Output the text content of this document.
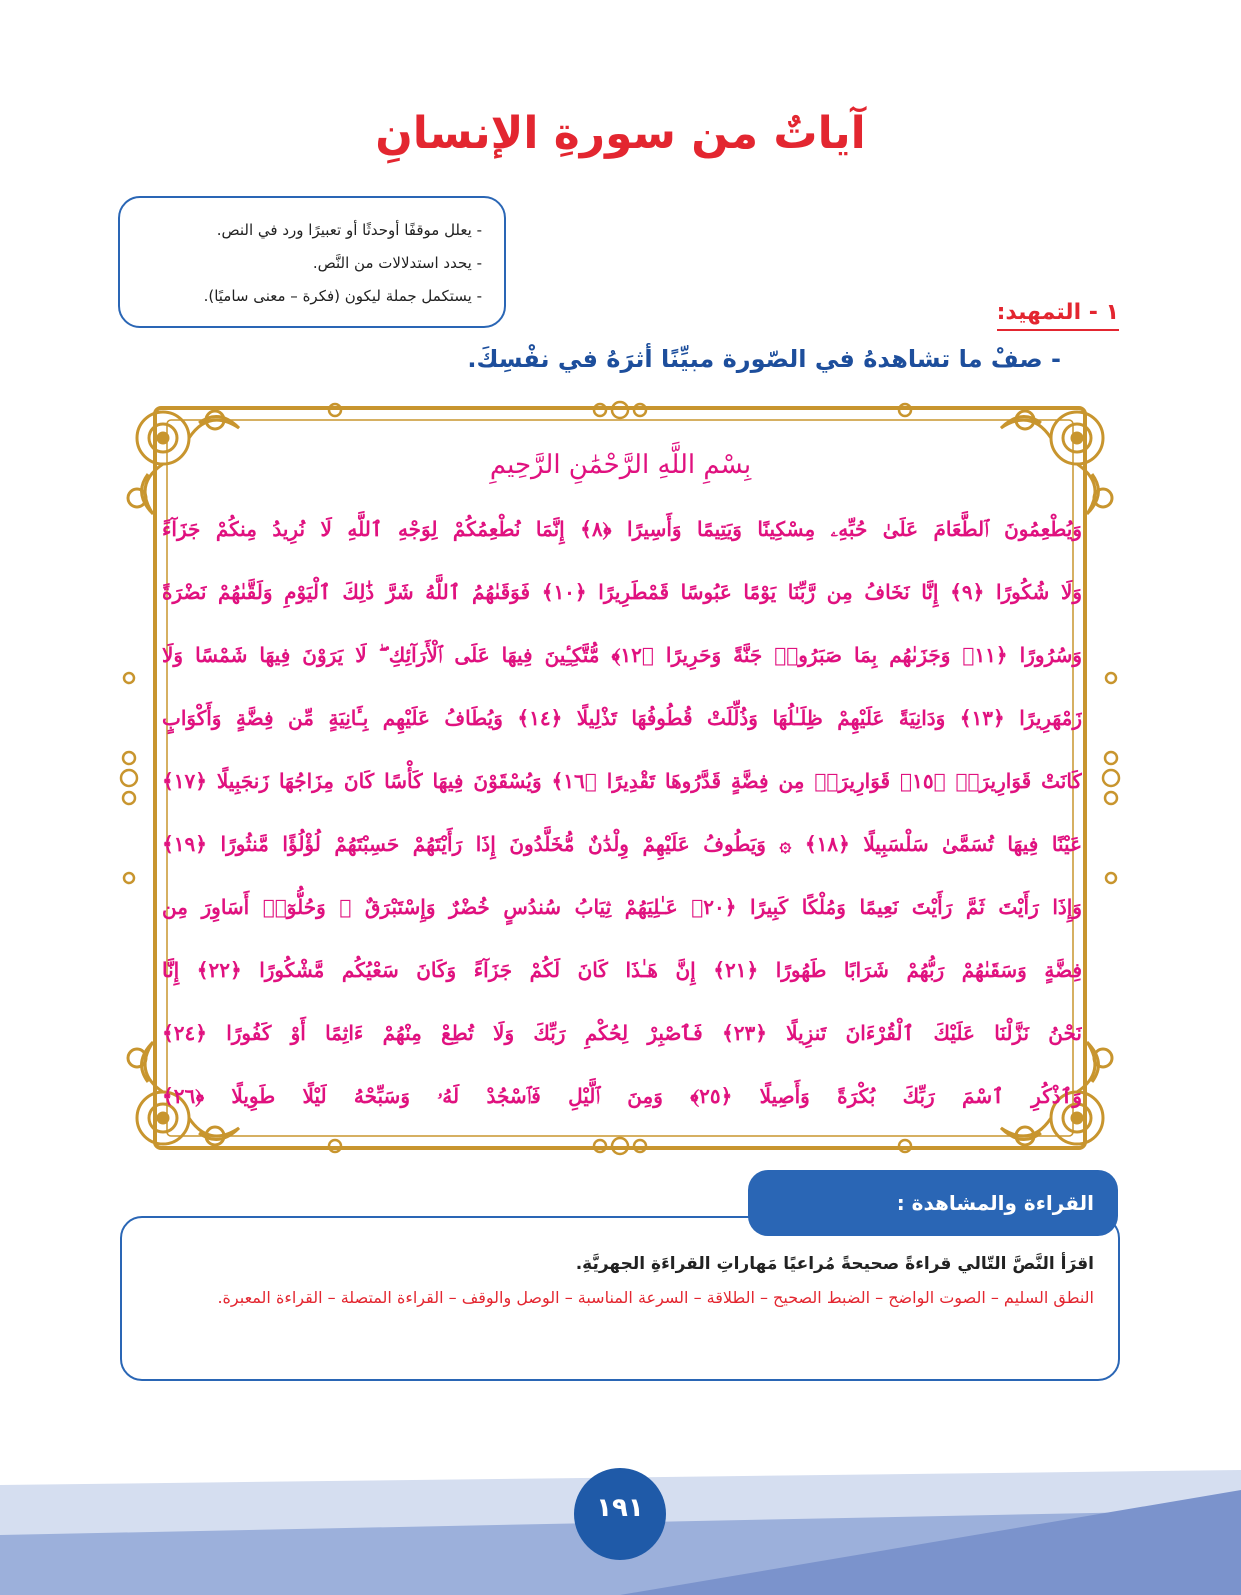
آياتٌ من سورةِ الإنسانِ

- يعلل موقفًا أوحدثًا أو تعبيرًا ورد في النص.

- يحدد استدلالات من النَّص.

- يستكمل جملة ليكون (فكرة – معنى ساميًا).

١ - التمهيد:
- صفْ ما تشاهدهُ في الصّورة مبيِّنًا أثرَهُ في نفْسِكَ.
بِسْمِ اللَّهِ الرَّحْمَٰنِ الرَّحِيمِ
وَيُطْعِمُونَ ٱلطَّعَامَ عَلَىٰ حُبِّهِۦ مِسْكِينًا وَيَتِيمًا وَأَسِيرًا ﴿٨﴾ إِنَّمَا نُطْعِمُكُمْ لِوَجْهِ ٱللَّهِ لَا نُرِيدُ مِنكُمْ جَزَآءً
وَلَا شُكُورًا ﴿٩﴾ إِنَّا نَخَافُ مِن رَّبِّنَا يَوْمًا عَبُوسًا قَمْطَرِيرًا ﴿١٠﴾ فَوَقَىٰهُمُ ٱللَّهُ شَرَّ ذَٰلِكَ ٱلْيَوْمِ وَلَقَّىٰهُمْ نَضْرَةً
وَسُرُورًا ﴿١١﴾ وَجَزَىٰهُم بِمَا صَبَرُوا۟ جَنَّةً وَحَرِيرًا ﴿١٢﴾ مُّتَّكِـِٔينَ فِيهَا عَلَى ٱلْأَرَآئِكِ ۖ لَا يَرَوْنَ فِيهَا شَمْسًا وَلَا
زَمْهَرِيرًا ﴿١٣﴾ وَدَانِيَةً عَلَيْهِمْ ظِلَـٰلُهَا وَذُلِّلَتْ قُطُوفُهَا تَذْلِيلًا ﴿١٤﴾ وَيُطَافُ عَلَيْهِم بِـَٔانِيَةٍ مِّن فِضَّةٍ وَأَكْوَابٍ
كَانَتْ قَوَارِيرَا۠ ﴿١٥﴾ قَوَارِيرَا۟ مِن فِضَّةٍ قَدَّرُوهَا تَقْدِيرًا ﴿١٦﴾ وَيُسْقَوْنَ فِيهَا كَأْسًا كَانَ مِزَاجُهَا زَنجَبِيلًا ﴿١٧﴾
عَيْنًا فِيهَا تُسَمَّىٰ سَلْسَبِيلًا ﴿١٨﴾ ۞ وَيَطُوفُ عَلَيْهِمْ وِلْدَٰنٌ مُّخَلَّدُونَ إِذَا رَأَيْتَهُمْ حَسِبْتَهُمْ لُؤْلُؤًا مَّنثُورًا ﴿١٩﴾
وَإِذَا رَأَيْتَ ثَمَّ رَأَيْتَ نَعِيمًا وَمُلْكًا كَبِيرًا ﴿٢٠﴾ عَـٰلِيَهُمْ ثِيَابُ سُندُسٍ خُضْرٌ وَإِسْتَبْرَقٌ ۖ وَحُلُّوٓا۟ أَسَاوِرَ مِن
فِضَّةٍ وَسَقَىٰهُمْ رَبُّهُمْ شَرَابًا طَهُورًا ﴿٢١﴾ إِنَّ هَـٰذَا كَانَ لَكُمْ جَزَآءً وَكَانَ سَعْيُكُم مَّشْكُورًا ﴿٢٢﴾ إِنَّا
نَحْنُ نَزَّلْنَا عَلَيْكَ ٱلْقُرْءَانَ تَنزِيلًا ﴿٢٣﴾ فَٱصْبِرْ لِحُكْمِ رَبِّكَ وَلَا تُطِعْ مِنْهُمْ ءَاثِمًا أَوْ كَفُورًا ﴿٢٤﴾
وَٱذْكُرِ ٱسْمَ رَبِّكَ بُكْرَةً وَأَصِيلًا ﴿٢٥﴾ وَمِنَ ٱلَّيْلِ فَٱسْجُدْ لَهُۥ وَسَبِّحْهُ لَيْلًا طَوِيلًا ﴿٢٦﴾
اقرَأ النَّصَّ التّالي قراءةً صحيحةً مُراعيًا مَهاراتِ القراءَةِ الجهريَّةِ.
النطق السليم – الصوت الواضح – الضبط الصحيح – الطلاقة – السرعة المناسبة – الوصل والوقف – القراءة المتصلة – القراءة المعبرة.
القراءة والمشاهدة :
١٩١
